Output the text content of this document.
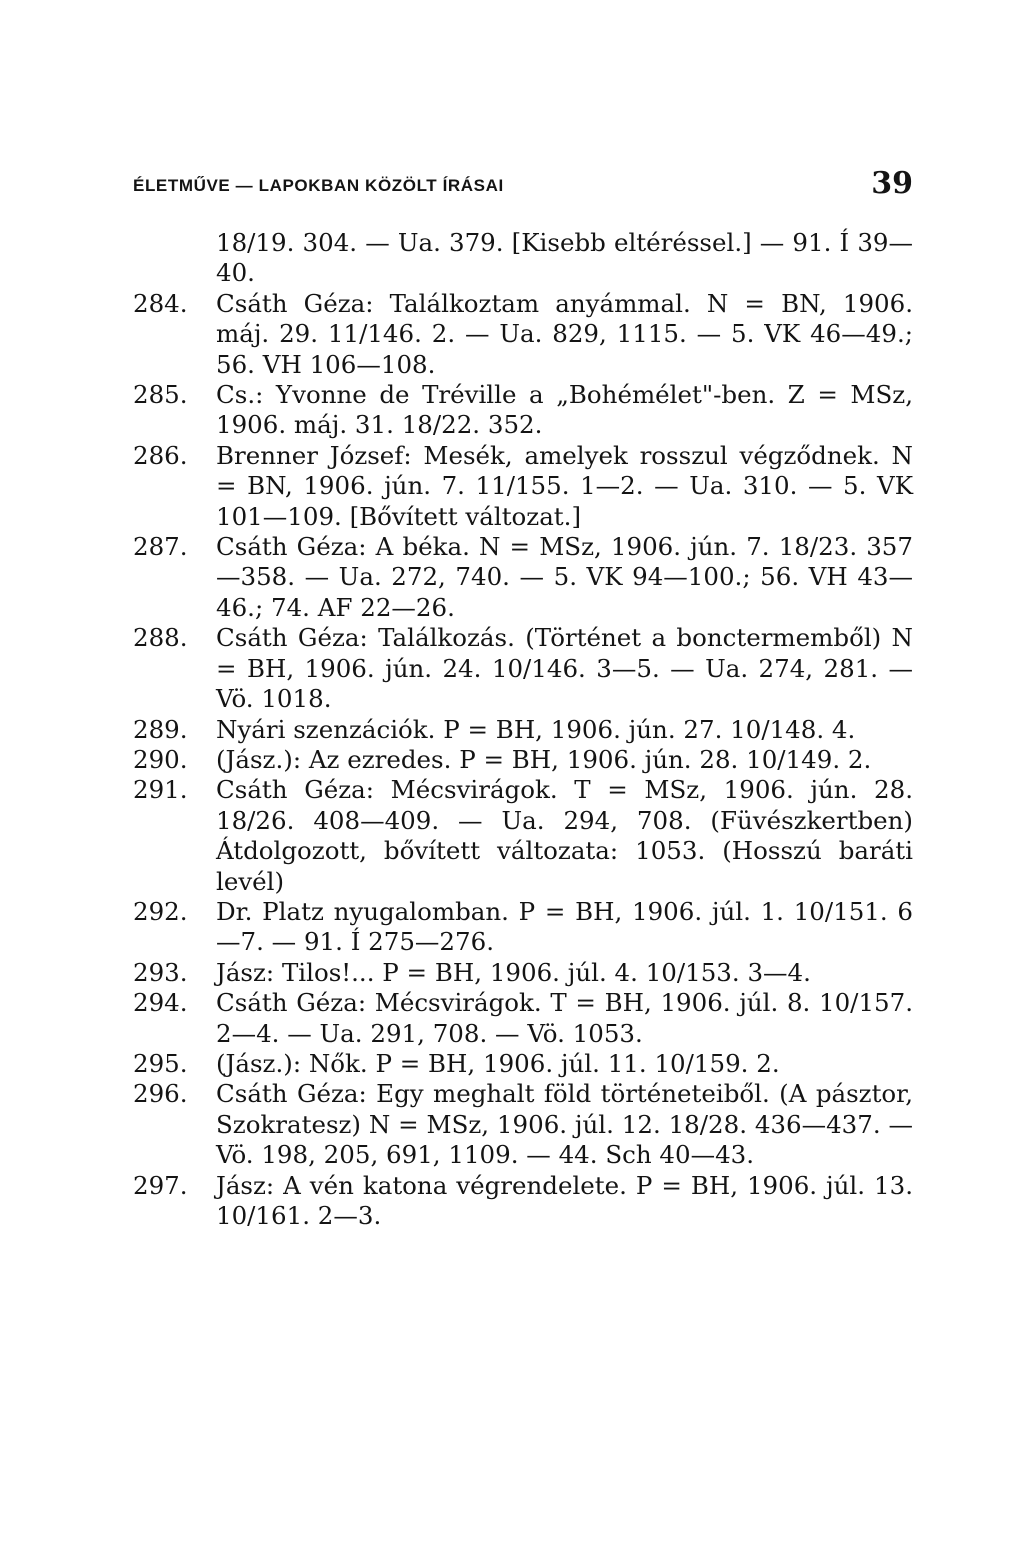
ÉLETMŰVE — LAPOKBAN KÖZÖLT ÍRÁSAI	39
18/19. 304. — Ua. 379. [Kisebb eltéréssel.] — 91. Í 39—40.
284.	Csáth Géza: Találkoztam anyámmal. N = BN, 1906. máj. 29. 11/146. 2. — Ua. 829, 1115. — 5. VK 46—49.; 56. VH 106—108.
285.	Cs.: Yvonne de Tréville a „Bohémélet"-ben. Z = MSz, 1906. máj. 31. 18/22. 352.
286.	Brenner József: Mesék, amelyek rosszul végződnek. N = BN, 1906. jún. 7. 11/155. 1—2. — Ua. 310. — 5. VK 101—109. [Bővített változat.]
287.	Csáth Géza: A béka. N = MSz, 1906. jún. 7. 18/23. 357—358. — Ua. 272, 740. — 5. VK 94—100.; 56. VH 43—46.; 74. AF 22—26.
288.	Csáth Géza: Találkozás. (Történet a bonctermemből) N = BH, 1906. jún. 24. 10/146. 3—5. — Ua. 274, 281. — Vö. 1018.
289.	Nyári szenzációk. P = BH, 1906. jún. 27. 10/148. 4.
290.	(Jász.): Az ezredes. P = BH, 1906. jún. 28. 10/149. 2.
291.	Csáth Géza: Mécsvirágok. T = MSz, 1906. jún. 28. 18/26. 408—409. — Ua. 294, 708. (Füvészkertben) Átdolgozott, bővített változata: 1053. (Hosszú baráti levél)
292.	Dr. Platz nyugalomban. P = BH, 1906. júl. 1. 10/151. 6—7. — 91. Í 275—276.
293.	Jász: Tilos!... P = BH, 1906. júl. 4. 10/153. 3—4.
294.	Csáth Géza: Mécsvirágok. T = BH, 1906. júl. 8. 10/157. 2—4. — Ua. 291, 708. — Vö. 1053.
295.	(Jász.): Nők. P = BH, 1906. júl. 11. 10/159. 2.
296.	Csáth Géza: Egy meghalt föld történeteiből. (A pásztor, Szokratesz) N = MSz, 1906. júl. 12. 18/28. 436—437. — Vö. 198, 205, 691, 1109. — 44. Sch 40—43.
297.	Jász: A vén katona végrendelete. P = BH, 1906. júl. 13. 10/161. 2—3.
